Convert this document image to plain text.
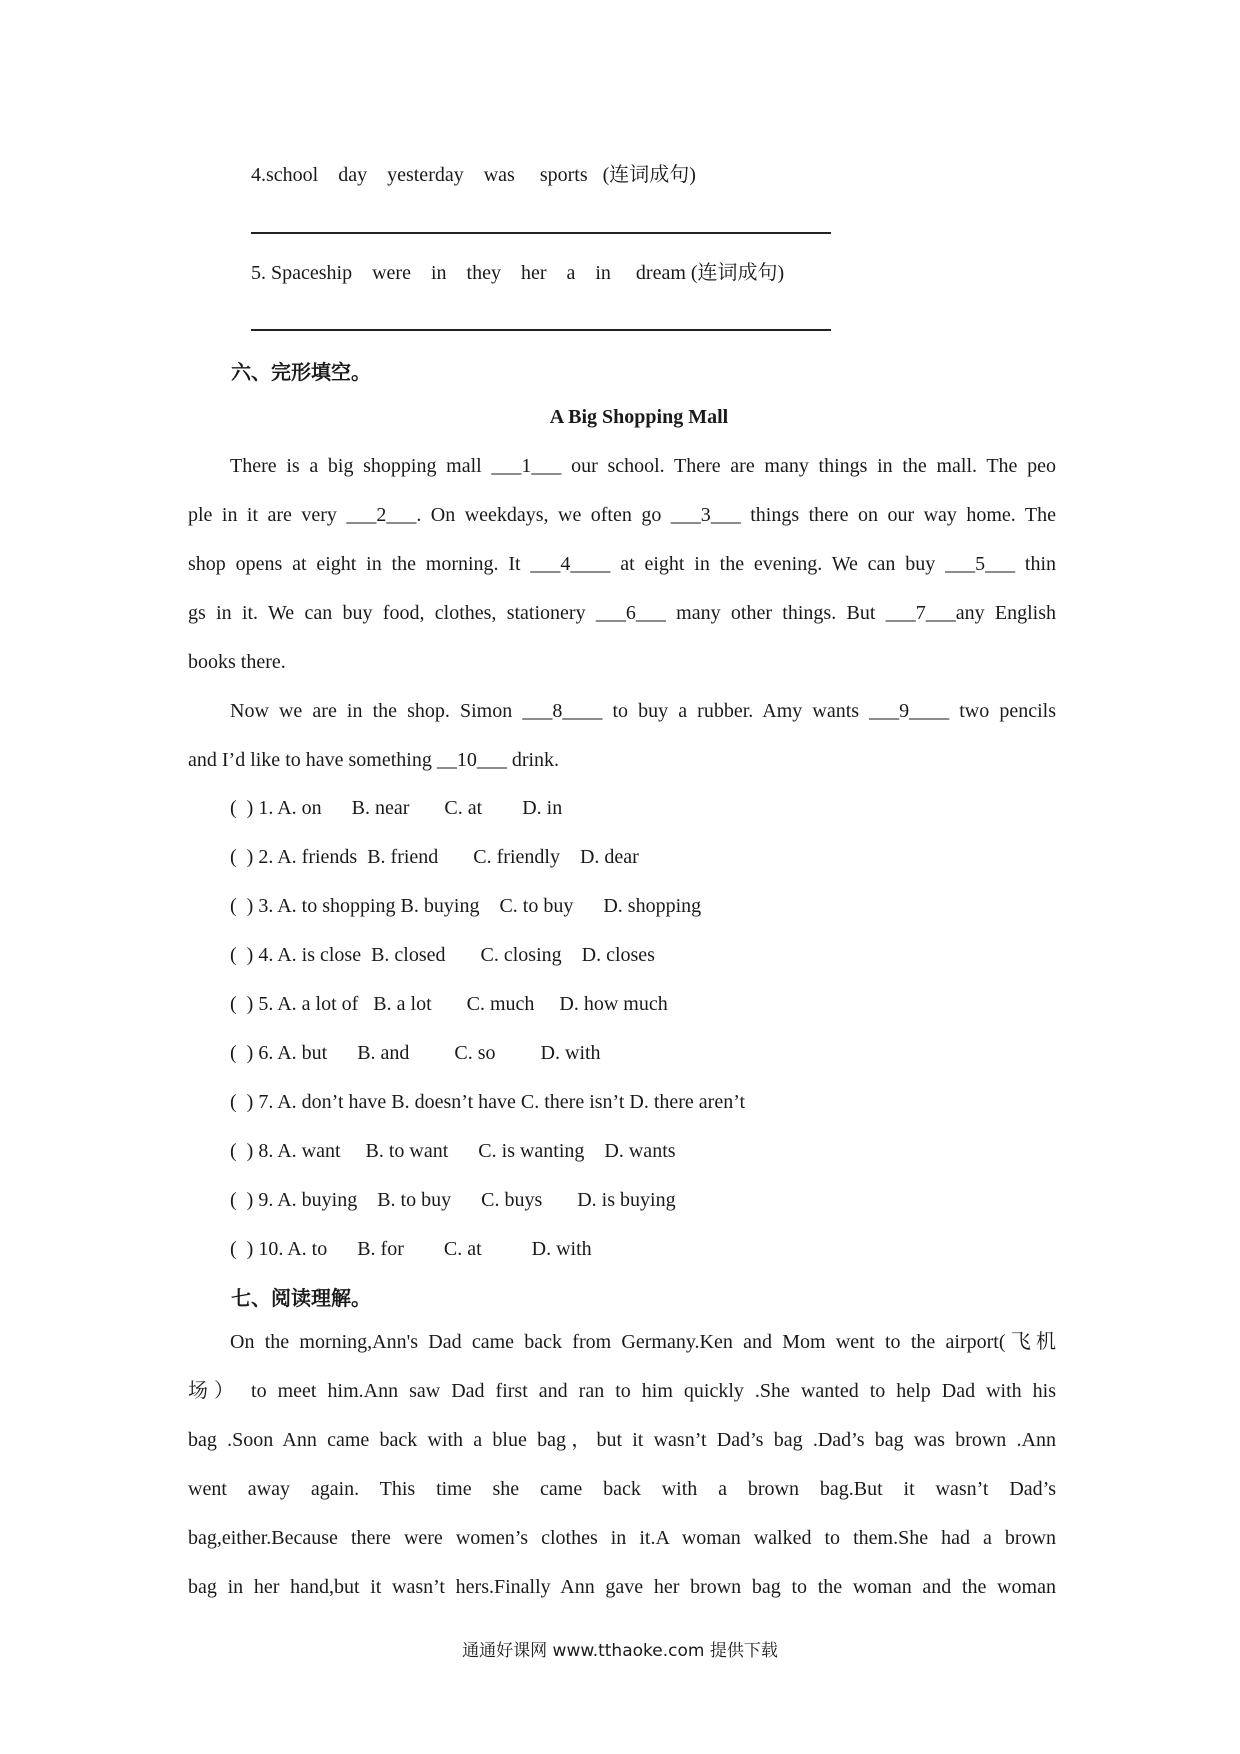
4.school    day    yesterday    was     sports   (连词成句)
5. Spaceship    were    in    they    her    a    in     dream (连词成句)
六、完形填空。
A Big Shopping Mall
There is a big shopping mall ___1___ our school. There are many things in the mall. The peo
ple in it are very ___2___. On weekdays, we often go ___3___ things there on our way home. The
shop opens at eight in the morning. It ___4____ at eight in the evening. We can buy ___5___ thin
gs in it. We can buy food, clothes, stationery ___6___ many other things. But ___7___any English
books there.
Now we are in the shop. Simon ___8____ to buy a rubber. Amy wants ___9____ two pencils
and I’d like to have something __10___ drink.
(  ) 1. A. on      B. near       C. at        D. in
(  ) 2. A. friends  B. friend       C. friendly    D. dear
(  ) 3. A. to shopping B. buying    C. to buy      D. shopping
(  ) 4. A. is close  B. closed       C. closing    D. closes
(  ) 5. A. a lot of   B. a lot       C. much     D. how much
(  ) 6. A. but      B. and         C. so         D. with
(  ) 7. A. don’t have B. doesn’t have C. there isn’t D. there aren’t
(  ) 8. A. want     B. to want      C. is wanting    D. wants
(  ) 9. A. buying    B. to buy      C. buys       D. is buying
(  ) 10. A. to      B. for        C. at          D. with
七、阅读理解。
On the morning,Ann's Dad came back from Germany.Ken and Mom went to the airport(飞机
场） to meet him.Ann saw Dad first and ran to him quickly .She wanted to help Dad with his
bag .Soon Ann came back with a blue bag，but it wasn’t Dad’s bag .Dad’s bag was brown .Ann
went away again. This time she came back with a brown bag.But it wasn’t Dad’s
bag,either.Because there were women’s clothes in it.A woman walked to them.She had a brown
bag in her hand,but it wasn’t hers.Finally Ann gave her brown bag to the woman and the woman
通通好课网 www.tthaoke.com 提供下载
